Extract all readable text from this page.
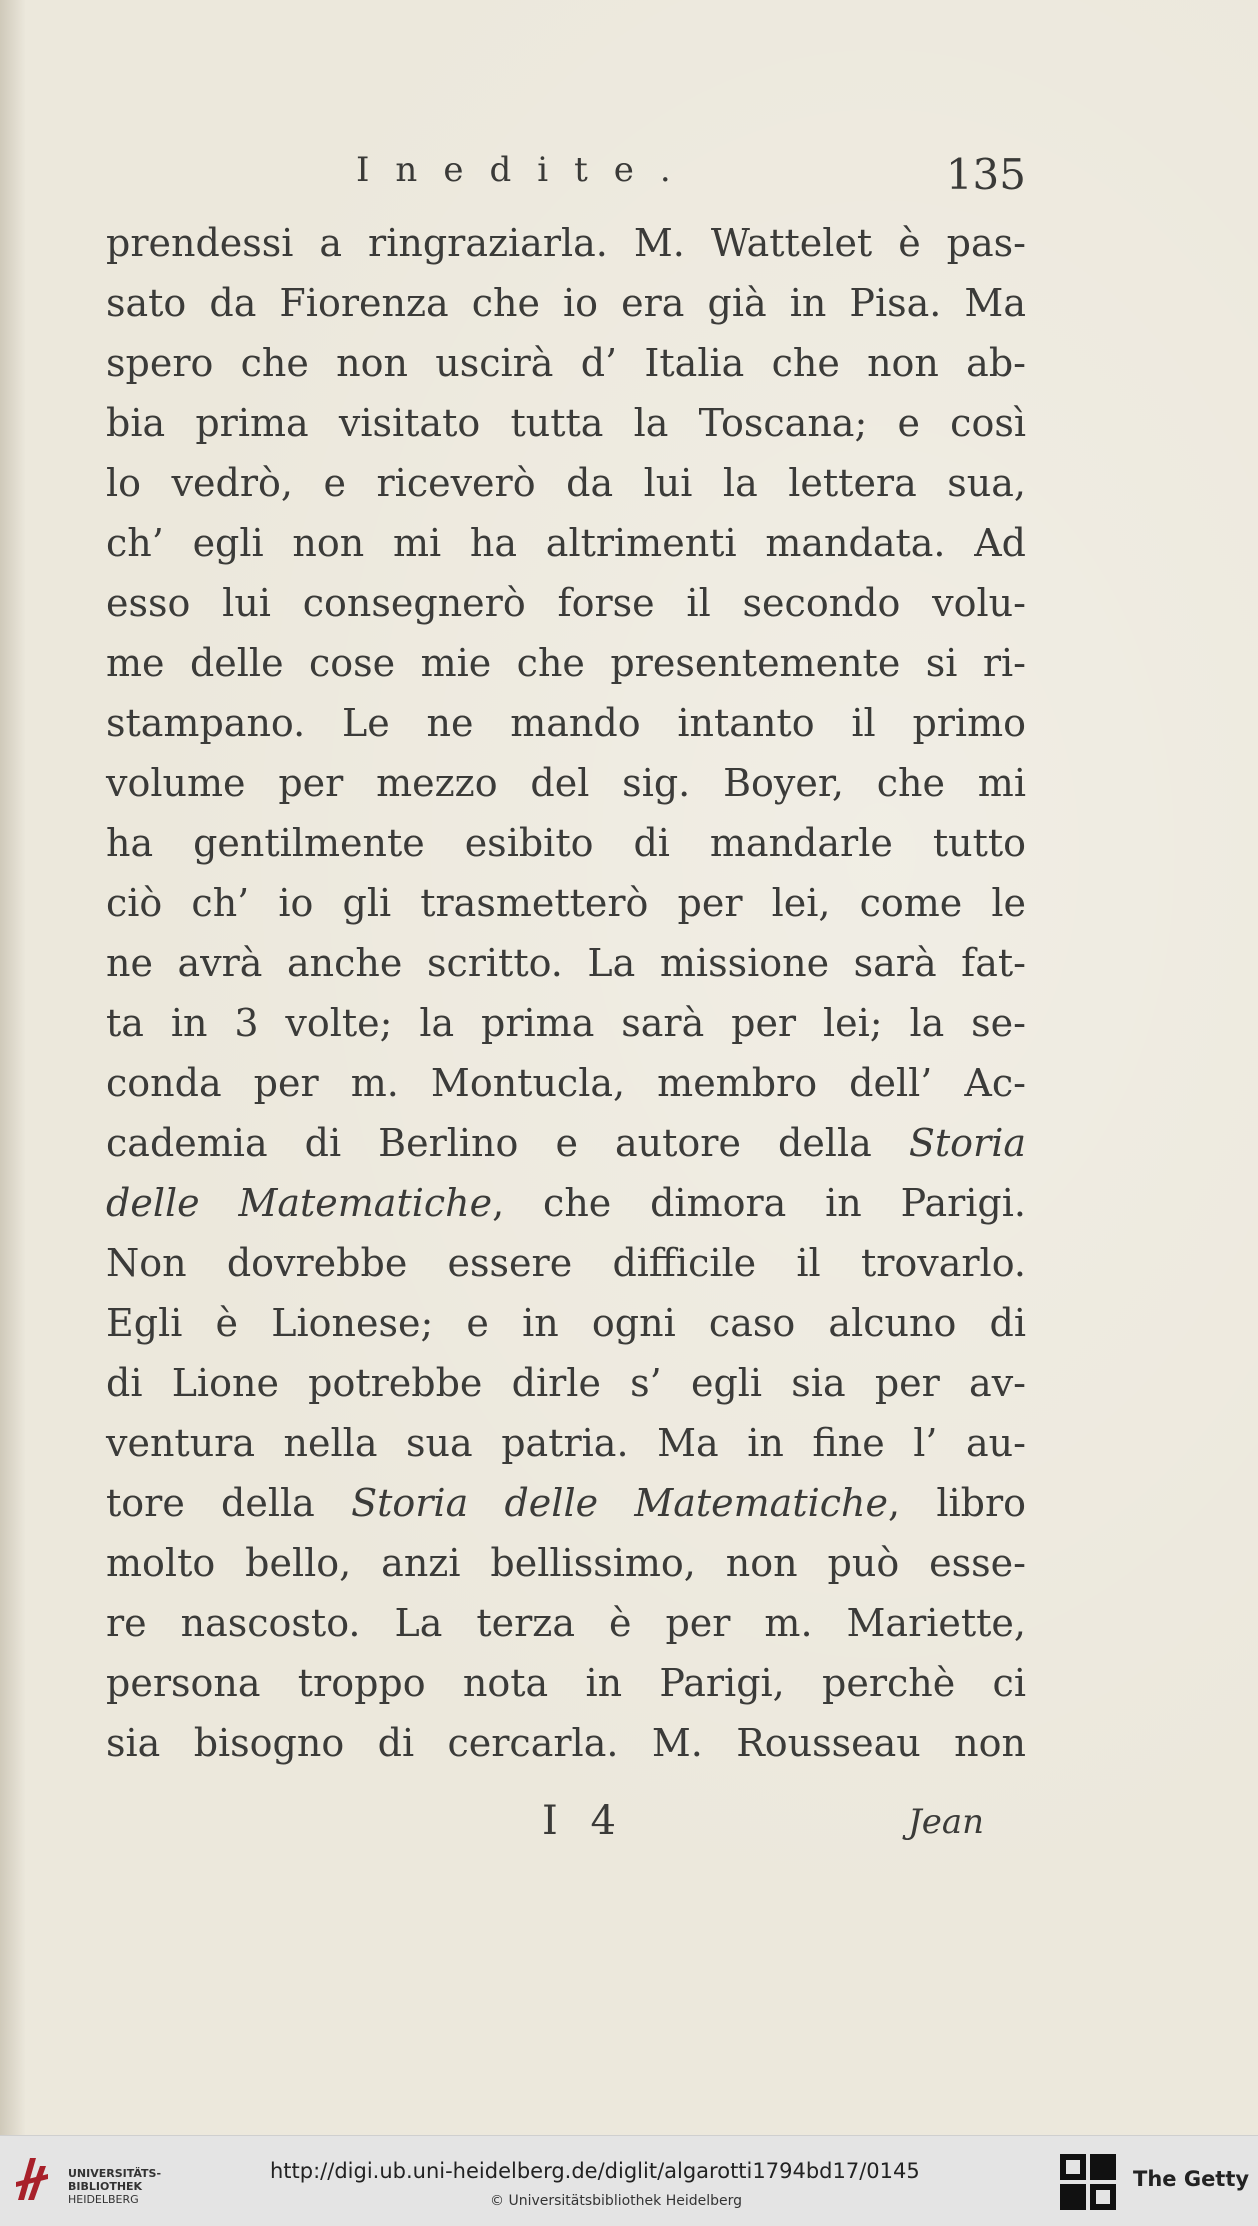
Inedite.	135
prendessi a ringraziarla. M. Wattelet è pas-
sato da Fiorenza che io era già in Pisa. Ma
spero che non uscirà d’ Italia che non ab-
bia prima visitato tutta la Toscana; e così
lo vedrò, e riceverò da lui la lettera sua,
ch’ egli non mi ha altrimenti mandata. Ad
esso lui consegnerò forse il secondo volu-
me delle cose mie che presentemente si ri-
stampano. Le ne mando intanto il primo
volume per mezzo del sig. Boyer, che mi
ha gentilmente esibito di mandarle tutto
ciò ch’ io gli trasmetterò per lei, come le
ne avrà anche scritto. La missione sarà fat-
ta in 3 volte; la prima sarà per lei; la se-
conda per m. Montucla, membro dell’ Ac-
cademia di Berlino e autore della Storia
delle Matematiche, che dimora in Parigi.
Non dovrebbe essere difficile il trovarlo.
Egli è Lionese; e in ogni caso alcuno di
di Lione potrebbe dirle s’ egli sia per av-
ventura nella sua patria. Ma in fine l’ au-
tore della Storia delle Matematiche, libro
molto bello, anzi bellissimo, non può esse-
re nascosto. La terza è per m. Mariette,
persona troppo nota in Parigi, perchè ci
sia bisogno di cercarla. M. Rousseau non
I 4	Jean
UNIVERSITÄTS-
BIBLIOTHEK
HEIDELBERG
http://digi.ub.uni-heidelberg.de/diglit/algarotti1794bd17/0145
© Universitätsbibliothek Heidelberg
The Getty
